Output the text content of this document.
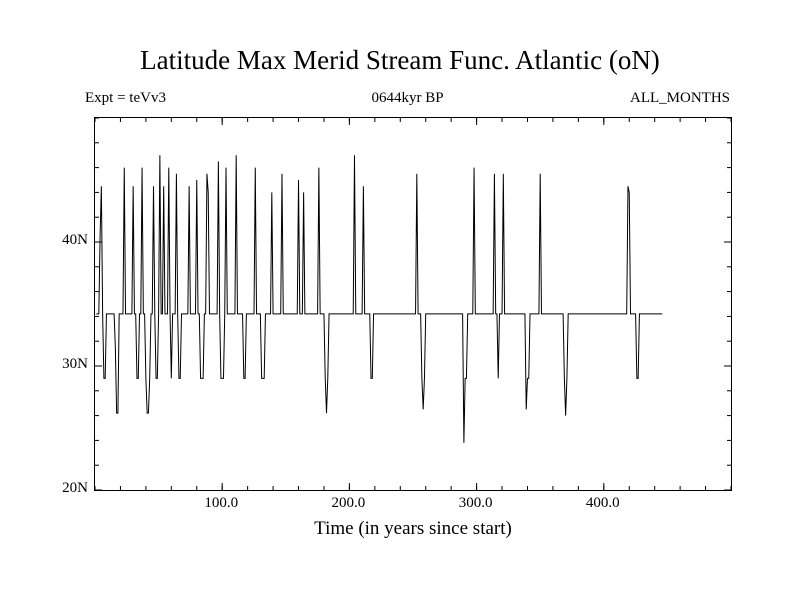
Latitude Max Merid Stream Func. Atlantic (oN)
Expt = teVv3	0644kyr BP	ALL_MONTHS
40N
30N
20N
100.0	200.0	300.0	400.0
Time (in years since start)
